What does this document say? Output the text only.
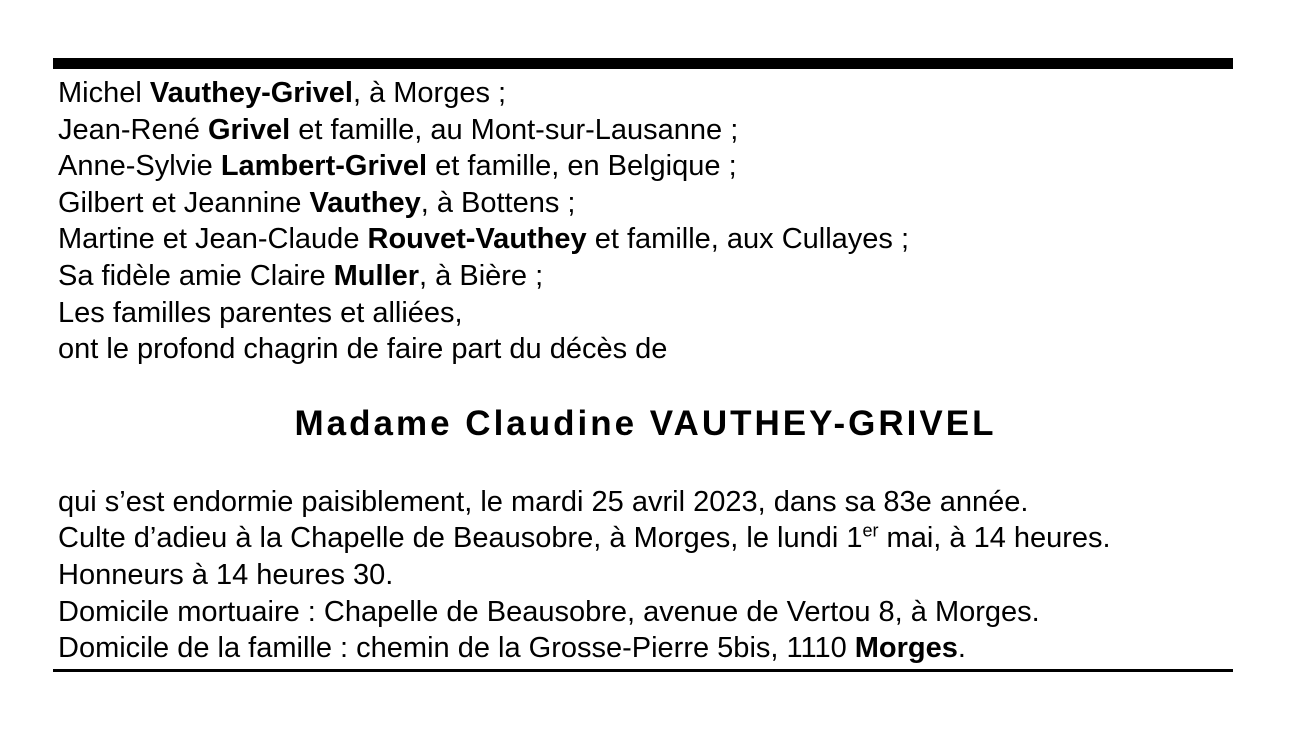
Michel Vauthey-Grivel, à Morges ;
Jean-René Grivel et famille, au Mont-sur-Lausanne ;
Anne-Sylvie Lambert-Grivel et famille, en Belgique ;
Gilbert et Jeannine Vauthey, à Bottens ;
Martine et Jean-Claude Rouvet-Vauthey et famille, aux Cullayes ;
Sa fidèle amie Claire Muller, à Bière ;
Les familles parentes et alliées,
ont le profond chagrin de faire part du décès de
Madame Claudine VAUTHEY-GRIVEL
qui s’est endormie paisiblement, le mardi 25 avril 2023, dans sa 83e année.
Culte d’adieu à la Chapelle de Beausobre, à Morges, le lundi 1er mai, à 14 heures.
Honneurs à 14 heures 30.
Domicile mortuaire : Chapelle de Beausobre, avenue de Vertou 8, à Morges.
Domicile de la famille : chemin de la Grosse-Pierre 5bis, 1110 Morges.
